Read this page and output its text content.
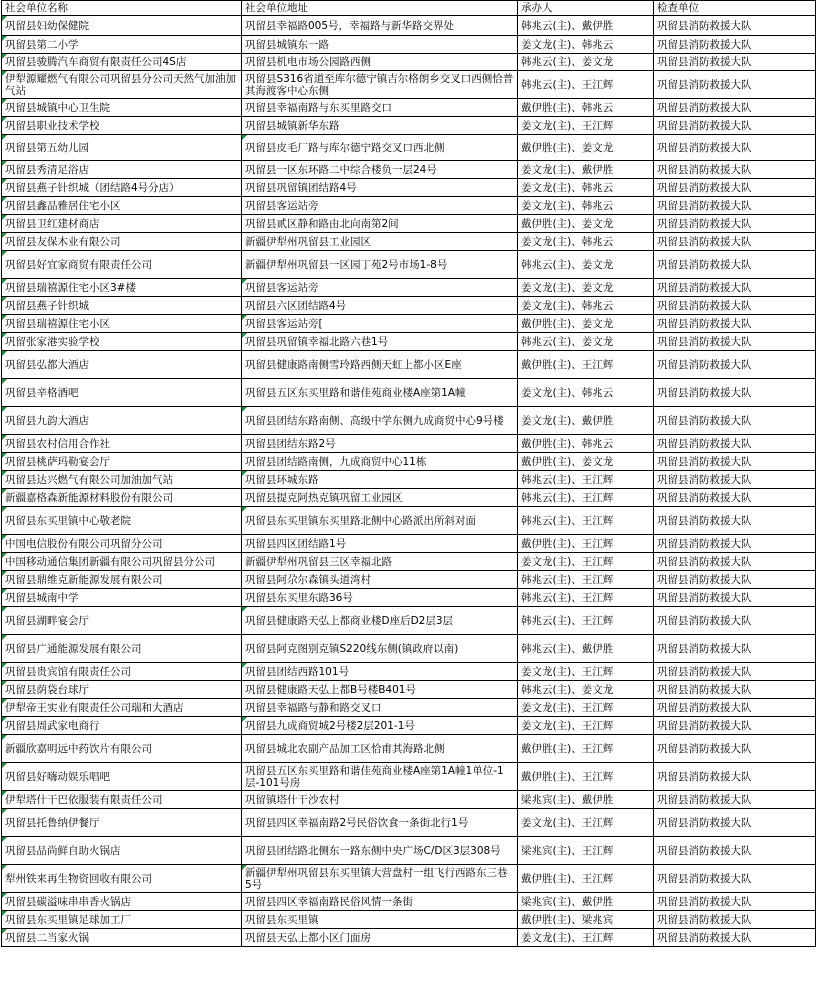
社会单位名称	社会单位地址	承办人	检查单位
巩留县妇幼保健院	巩留县幸福路005号，幸福路与新华路交界处	韩兆云(主)、戴伊胜	巩留县消防救援大队
巩留县第二小学	巩留县城镇东一路	姜文龙(主)、韩兆云	巩留县消防救援大队
巩留县骏腾汽车商贸有限责任公司4S店	巩留县机电市场公园路西侧	韩兆云(主)、姜文龙	巩留县消防救援大队
伊犁源耀燃气有限公司巩留县分公司天然气加油加气站	巩留县S316省道至库尔德宁镇吉尔格朗乡交叉口西侧恰普其海渡客中心东侧	韩兆云(主)、王江辉	巩留县消防救援大队
巩留县城镇中心卫生院	巩留县幸福南路与东买里路交口	戴伊胜(主)、韩兆云	巩留县消防救援大队
巩留县职业技术学校	巩留县城镇新华东路	姜文龙(主)、王江辉	巩留县消防救援大队
巩留县第五幼儿园	巩留县皮毛厂路与库尔德宁路交叉口西北侧	戴伊胜(主)、姜文龙	巩留县消防救援大队
巩留县秀清足浴店	巩留县一区东环路二中综合楼负一层24号	姜文龙(主)、戴伊胜	巩留县消防救援大队
巩留县燕子针织城（团结路4号分店）	巩留县巩留镇团结路4号	姜文龙(主)、韩兆云	巩留县消防救援大队
巩留县鑫品雅居住宅小区	巩留县客运站旁	姜文龙(主)、韩兆云	巩留县消防救援大队
巩留县卫红建材商店	巩留县贰区静和路由北向南第2间	戴伊胜(主)、姜文龙	巩留县消防救援大队
巩留县友保木业有限公司	新疆伊犁州巩留县工业园区	姜文龙(主)、韩兆云	巩留县消防救援大队
巩留县好宜家商贸有限责任公司	新疆伊犁州巩留县一区园丁苑2号市场1-8号	韩兆云(主)、姜文龙	巩留县消防救援大队
巩留县瑞禧源住宅小区3#楼	巩留县客运站旁	姜文龙(主)、姜文龙	巩留县消防救援大队
巩留县燕子针织城	巩留县六区团结路4号	姜文龙(主)、韩兆云	巩留县消防救援大队
巩留县瑞禧源住宅小区	巩留县客运站旁[	戴伊胜(主)、姜文龙	巩留县消防救援大队
巩留张家港实验学校	巩留县巩留镇幸福北路六巷1号	韩兆云(主)、姜文龙	巩留县消防救援大队
巩留县弘都大酒店	巩留县健康路南侧雪玲路西侧天虹上都小区E座	戴伊胜(主)、王江辉	巩留县消防救援大队
巩留县辛格酒吧	巩留县五区东买里路和谐佳苑商业楼A座第1A幢	姜文龙(主)、韩兆云	巩留县消防救援大队
巩留县九韵大酒店	巩留县团结东路南侧、高级中学东侧九成商贸中心9号楼	姜文龙(主)、戴伊胜	巩留县消防救援大队
巩留县农村信用合作社	巩留县团结东路2号	戴伊胜(主)、韩兆云	巩留县消防救援大队
巩留县桃萨玛勒宴会厅	巩留县团结路南侧，九成商贸中心11栋	戴伊胜(主)、姜文龙	巩留县消防救援大队
巩留县达兴燃气有限公司加油加气站	巩留县环城东路	韩兆云(主)、王江辉	巩留县消防救援大队
新疆嘉格森新能源材料股份有限公司	巩留县提克阿热克镇巩留工业园区	韩兆云(主)、王江辉	巩留县消防救援大队
巩留县东买里镇中心敬老院	巩留县东买里镇东买里路北侧中心路派出所斜对面	韩兆云(主)、王江辉	巩留县消防救援大队
中国电信股份有限公司巩留分公司	巩留县四区团结路1号	戴伊胜(主)、王江辉	巩留县消防救援大队
中国移动通信集团新疆有限公司巩留县分公司	新疆伊犁州巩留县三区幸福北路	姜文龙(主)、王江辉	巩留县消防救援大队
巩留县鼎维克新能源发展有限公司	巩留县阿尕尔森镇头道湾村	韩兆云(主)、王江辉	巩留县消防救援大队
巩留县城南中学	巩留县东买里东路36号	韩兆云(主)、王江辉	巩留县消防救援大队
巩留县湖畔宴会厅	巩留县健康路天弘上都商业楼D座后D2层3层	韩兆云(主)、王江辉	巩留县消防救援大队
巩留县广通能源发展有限公司	巩留县阿克图别克镇S220线东侧(镇政府以南)	韩兆云(主)、戴伊胜	巩留县消防救援大队
巩留县贵宾馆有限责任公司	巩留县团结西路101号	姜文龙(主)、王江辉	巩留县消防救援大队
巩留县荫袋台球厅	巩留县健康路天弘上都B号楼B401号	韩兆云(主)、姜文龙	巩留县消防救援大队
伊犁帝王实业有限责任公司瑞和大酒店	巩留县幸福路与静和路交叉口	姜文龙(主)、王江辉	巩留县消防救援大队
巩留县周武家电商行	巩留县九成商贸城2号楼2层201-1号	姜文龙(主)、王江辉	巩留县消防救援大队
新疆欣嘉明远中药饮片有限公司	巩留县城北农副产品加工区恰甫其海路北侧	戴伊胜(主)、王江辉	巩留县消防救援大队
巩留县好嗨动娱乐唱吧	巩留县五区东买里路和谐佳苑商业楼A座第1A幢1单位-1层-101号房	戴伊胜(主)、王江辉	巩留县消防救援大队
伊犁塔什干巴依服装有限责任公司	巩留镇塔什干沙农村	梁兆宾(主)、戴伊胜	巩留县消防救援大队
巩留县托鲁纳伊餐厅	巩留县四区幸福南路2号民俗饮食一条街北行1号	姜文龙(主)、王江辉	巩留县消防救援大队
巩留县品尚鲜自助火锅店	巩留县团结路北侧东一路东侧中央广场C/D区3层308号	梁兆宾(主)、王江辉	巩留县消防救援大队
犁州铁来再生物资回收有限公司	新疆伊犁州巩留县东买里镇大营盘村一组飞行西路东三巷5号	戴伊胜(主)、王江辉	巩留县消防救援大队
巩留县碳溢味串串香火锅店	巩留县四区幸福南路民俗风情一条街	梁兆宾(主)、戴伊胜	巩留县消防救援大队
巩留县东买里镇足球加工厂	巩留县东买里镇	戴伊胜(主)、梁兆宾	巩留县消防救援大队
巩留县二当家火锅	巩留县天弘上都小区门面房	姜文龙(主)、王江辉	巩留县消防救援大队
